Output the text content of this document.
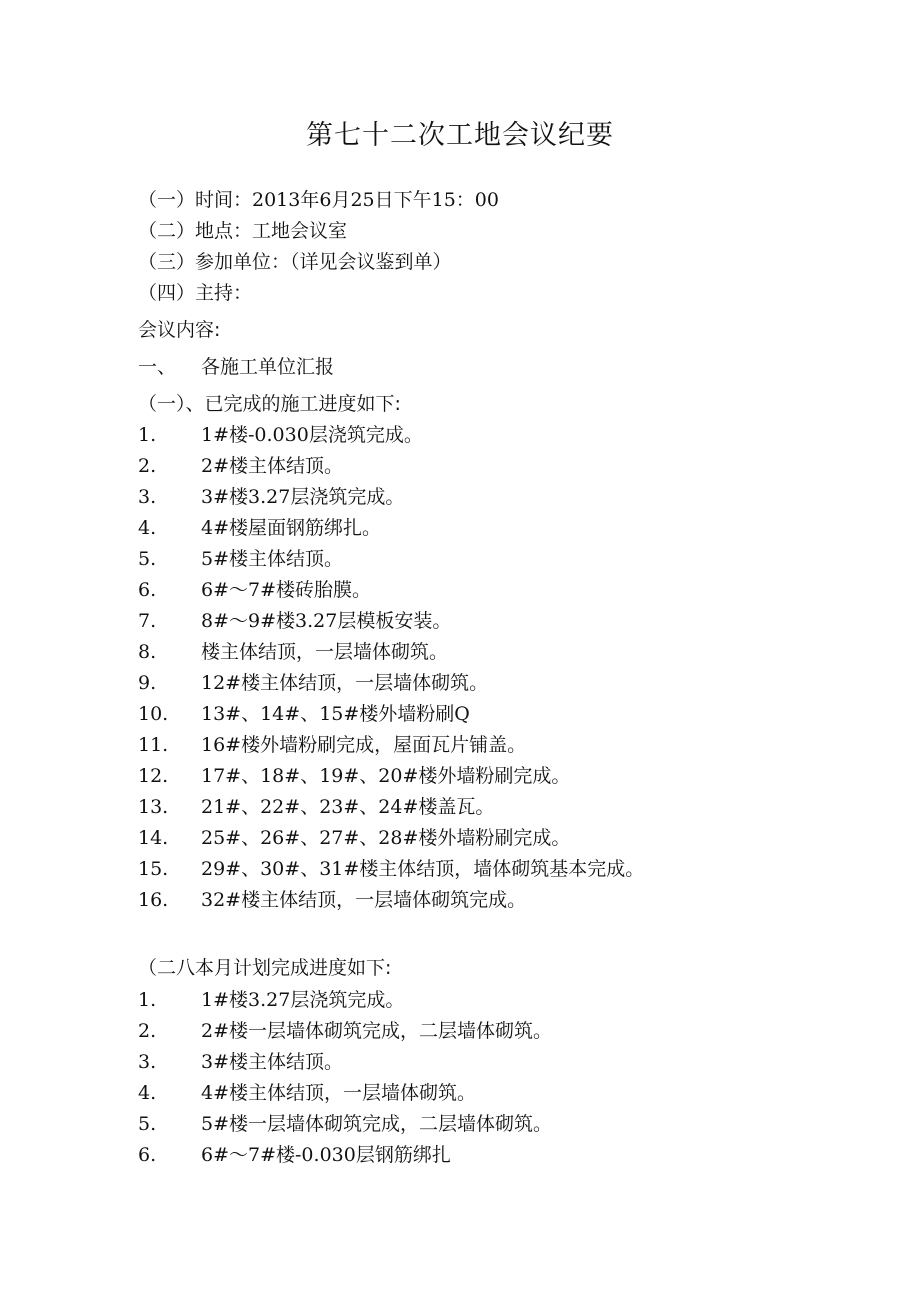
第七十二次工地会议纪要
（一）时间：2013年6月25日下午15：00
（二）地点：工地会议室
（三）参加单位：（详见会议鉴到单）
（四）主持：
会议内容:
一、 各施工单位汇报
（一）、已完成的施工进度如下:
1. 1#楼-0.030层浇筑完成。
2. 2#楼主体结顶。
3. 3#楼3.27层浇筑完成。
4. 4#楼屋面钢筋绑扎。
5. 5#楼主体结顶。
6. 6#～7#楼砖胎膜。
7. 8#～9#楼3.27层模板安装。
8. 楼主体结顶，一层墙体砌筑。
9. 12#楼主体结顶，一层墙体砌筑。
10. 13#、14#、15#楼外墙粉刷Q
11. 16#楼外墙粉刷完成，屋面瓦片铺盖。
12. 17#、18#、19#、20#楼外墙粉刷完成。
13. 21#、22#、23#、24#楼盖瓦。
14. 25#、26#、27#、28#楼外墙粉刷完成。
15. 29#、30#、31#楼主体结顶，墙体砌筑基本完成。
16. 32#楼主体结顶，一层墙体砌筑完成。
（二八本月计划完成进度如下:
1. 1#楼3.27层浇筑完成。
2. 2#楼一层墙体砌筑完成，二层墙体砌筑。
3. 3#楼主体结顶。
4. 4#楼主体结顶，一层墙体砌筑。
5. 5#楼一层墙体砌筑完成，二层墙体砌筑。
6. 6#～7#楼-0.030层钢筋绑扎
